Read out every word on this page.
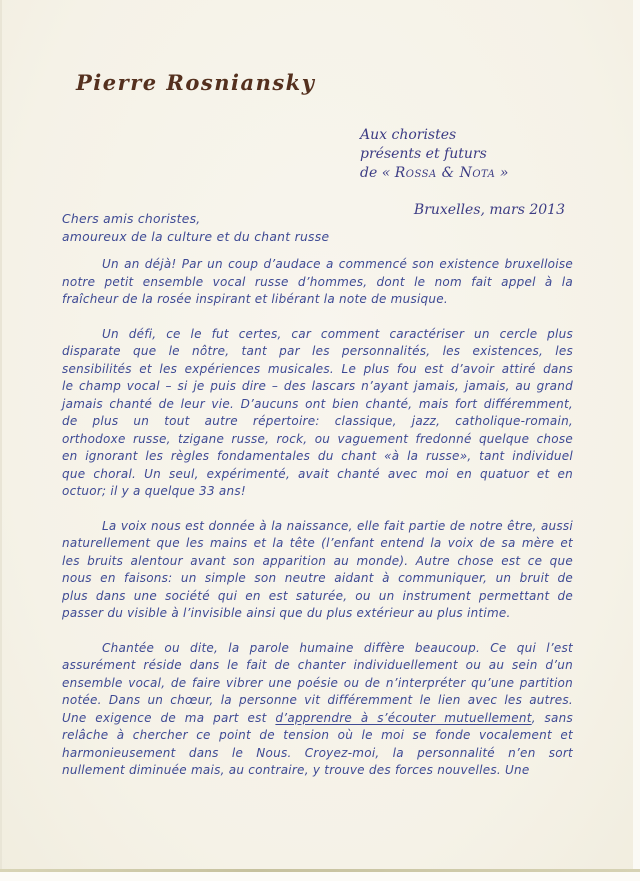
Pierre Rosniansky
Aux choristes
présents et futurs
de « Rossa & Nota »
Bruxelles, mars 2013
Chers amis choristes,
amoureux de la culture et du chant russe
Un an déjà! Par un coup d’audace a commencé son existence bruxelloise
notre petit ensemble vocal russe d’hommes, dont le nom fait appel à la
fraîcheur de la rosée inspirant et libérant la note de musique.
Un défi, ce le fut certes, car comment caractériser un cercle plus
disparate que le nôtre, tant par les personnalités, les existences, les
sensibilités et les expériences musicales. Le plus fou est d’avoir attiré dans
le champ vocal – si je puis dire – des lascars n’ayant jamais, jamais, au grand
jamais chanté de leur vie. D’aucuns ont bien chanté, mais fort différemment,
de plus un tout autre répertoire: classique, jazz, catholique-romain,
orthodoxe russe, tzigane russe, rock, ou vaguement fredonné quelque chose
en ignorant les règles fondamentales du chant «à la russe», tant individuel
que choral. Un seul, expérimenté, avait chanté avec moi en quatuor et en
octuor; il y a quelque 33 ans!
La voix nous est donnée à la naissance, elle fait partie de notre être, aussi
naturellement que les mains et la tête (l’enfant entend la voix de sa mère et
les bruits alentour avant son apparition au monde). Autre chose est ce que
nous en faisons: un simple son neutre aidant à communiquer, un bruit de
plus dans une société qui en est saturée, ou un instrument permettant de
passer du visible à l’invisible ainsi que du plus extérieur au plus intime.
Chantée ou dite, la parole humaine diffère beaucoup. Ce qui l’est
assurément réside dans le fait de chanter individuellement ou au sein d’un
ensemble vocal, de faire vibrer une poésie ou de n’interpréter qu’une partition
notée. Dans un chœur, la personne vit différemment le lien avec les autres.
Une exigence de ma part est d’apprendre à s’écouter mutuellement, sans
relâche à chercher ce point de tension où le moi se fonde vocalement et
harmonieusement dans le Nous. Croyez-moi, la personnalité n’en sort
nullement diminuée mais, au contraire, y trouve des forces nouvelles. Une
